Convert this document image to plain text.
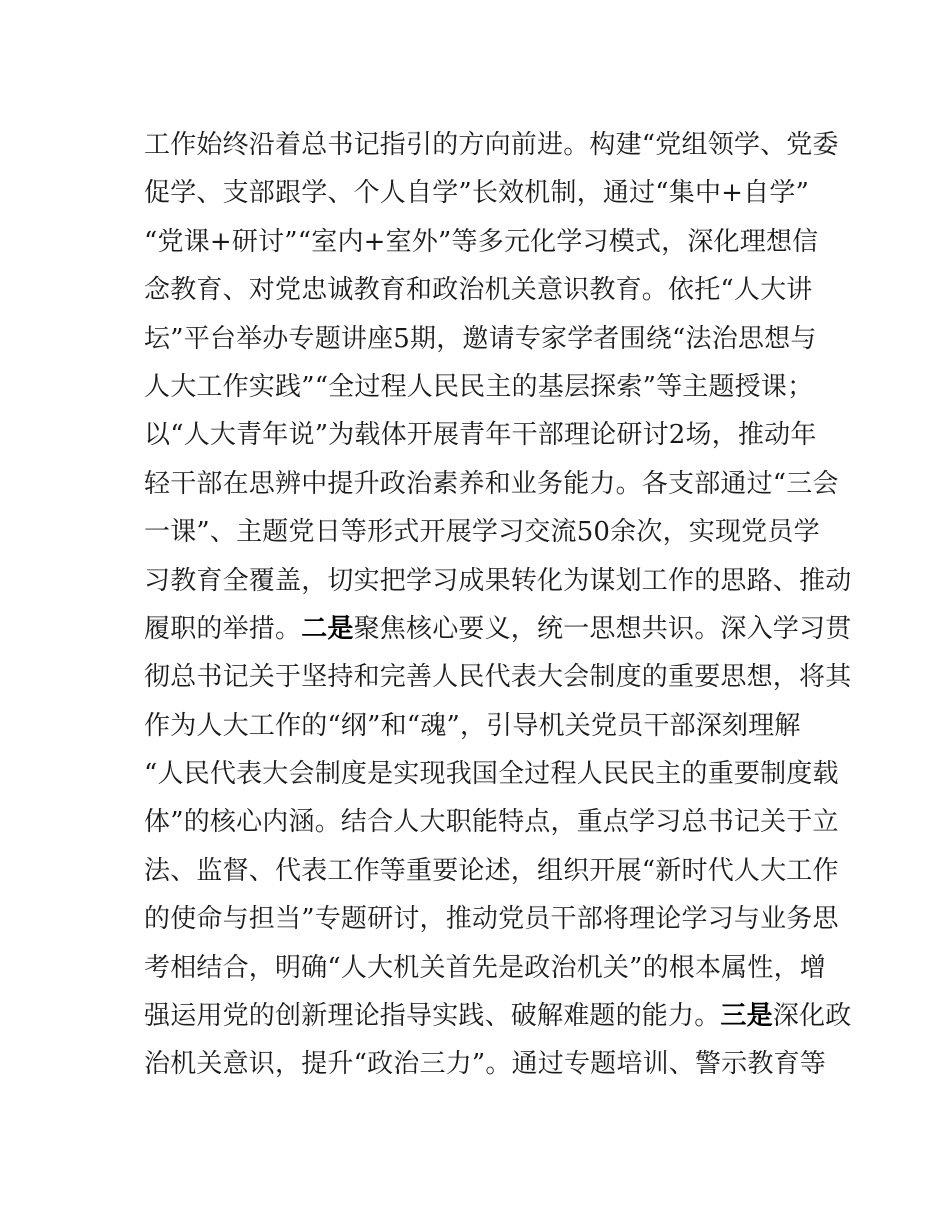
工作始终沿着总书记指引的方向前进。构建“党组领学、党委
促学、支部跟学、个人自学”长效机制，通过“集中+自学”
“党课+研讨”“室内+室外”等多元化学习模式，深化理想信
念教育、对党忠诚教育和政治机关意识教育。依托“人大讲
坛”平台举办专题讲座5期，邀请专家学者围绕“法治思想与
人大工作实践”“全过程人民民主的基层探索”等主题授课；
以“人大青年说”为载体开展青年干部理论研讨2场，推动年
轻干部在思辨中提升政治素养和业务能力。各支部通过“三会
一课”、主题党日等形式开展学习交流50余次，实现党员学
习教育全覆盖，切实把学习成果转化为谋划工作的思路、推动
履职的举措。二是聚焦核心要义，统一思想共识。深入学习贯
彻总书记关于坚持和完善人民代表大会制度的重要思想，将其
作为人大工作的“纲”和“魂”，引导机关党员干部深刻理解
“人民代表大会制度是实现我国全过程人民民主的重要制度载
体”的核心内涵。结合人大职能特点，重点学习总书记关于立
法、监督、代表工作等重要论述，组织开展“新时代人大工作
的使命与担当”专题研讨，推动党员干部将理论学习与业务思
考相结合，明确“人大机关首先是政治机关”的根本属性，增
强运用党的创新理论指导实践、破解难题的能力。三是深化政
治机关意识，提升“政治三力”。通过专题培训、警示教育等
